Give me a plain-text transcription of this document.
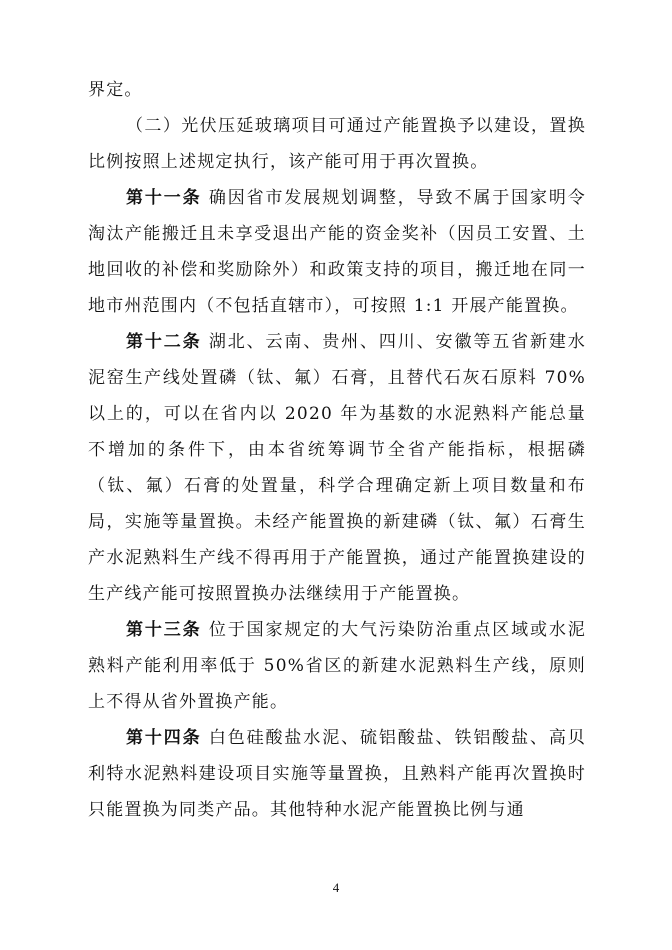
界定。

（二）光伏压延玻璃项目可通过产能置换予以建设，置换比例按照上述规定执行，该产能可用于再次置换。

第十一条 确因省市发展规划调整，导致不属于国家明令淘汰产能搬迁且未享受退出产能的资金奖补（因员工安置、土地回收的补偿和奖励除外）和政策支持的项目，搬迁地在同一地市州范围内（不包括直辖市），可按照 1:1 开展产能置换。

第十二条 湖北、云南、贵州、四川、安徽等五省新建水泥窑生产线处置磷（钛、氟）石膏，且替代石灰石原料 70%以上的，可以在省内以 2020 年为基数的水泥熟料产能总量不增加的条件下，由本省统筹调节全省产能指标，根据磷（钛、氟）石膏的处置量，科学合理确定新上项目数量和布局，实施等量置换。未经产能置换的新建磷（钛、氟）石膏生产水泥熟料生产线不得再用于产能置换，通过产能置换建设的生产线产能可按照置换办法继续用于产能置换。

第十三条 位于国家规定的大气污染防治重点区域或水泥熟料产能利用率低于 50%省区的新建水泥熟料生产线，原则上不得从省外置换产能。

第十四条 白色硅酸盐水泥、硫铝酸盐、铁铝酸盐、高贝利特水泥熟料建设项目实施等量置换，且熟料产能再次置换时只能置换为同类产品。其他特种水泥产能置换比例与通

4
